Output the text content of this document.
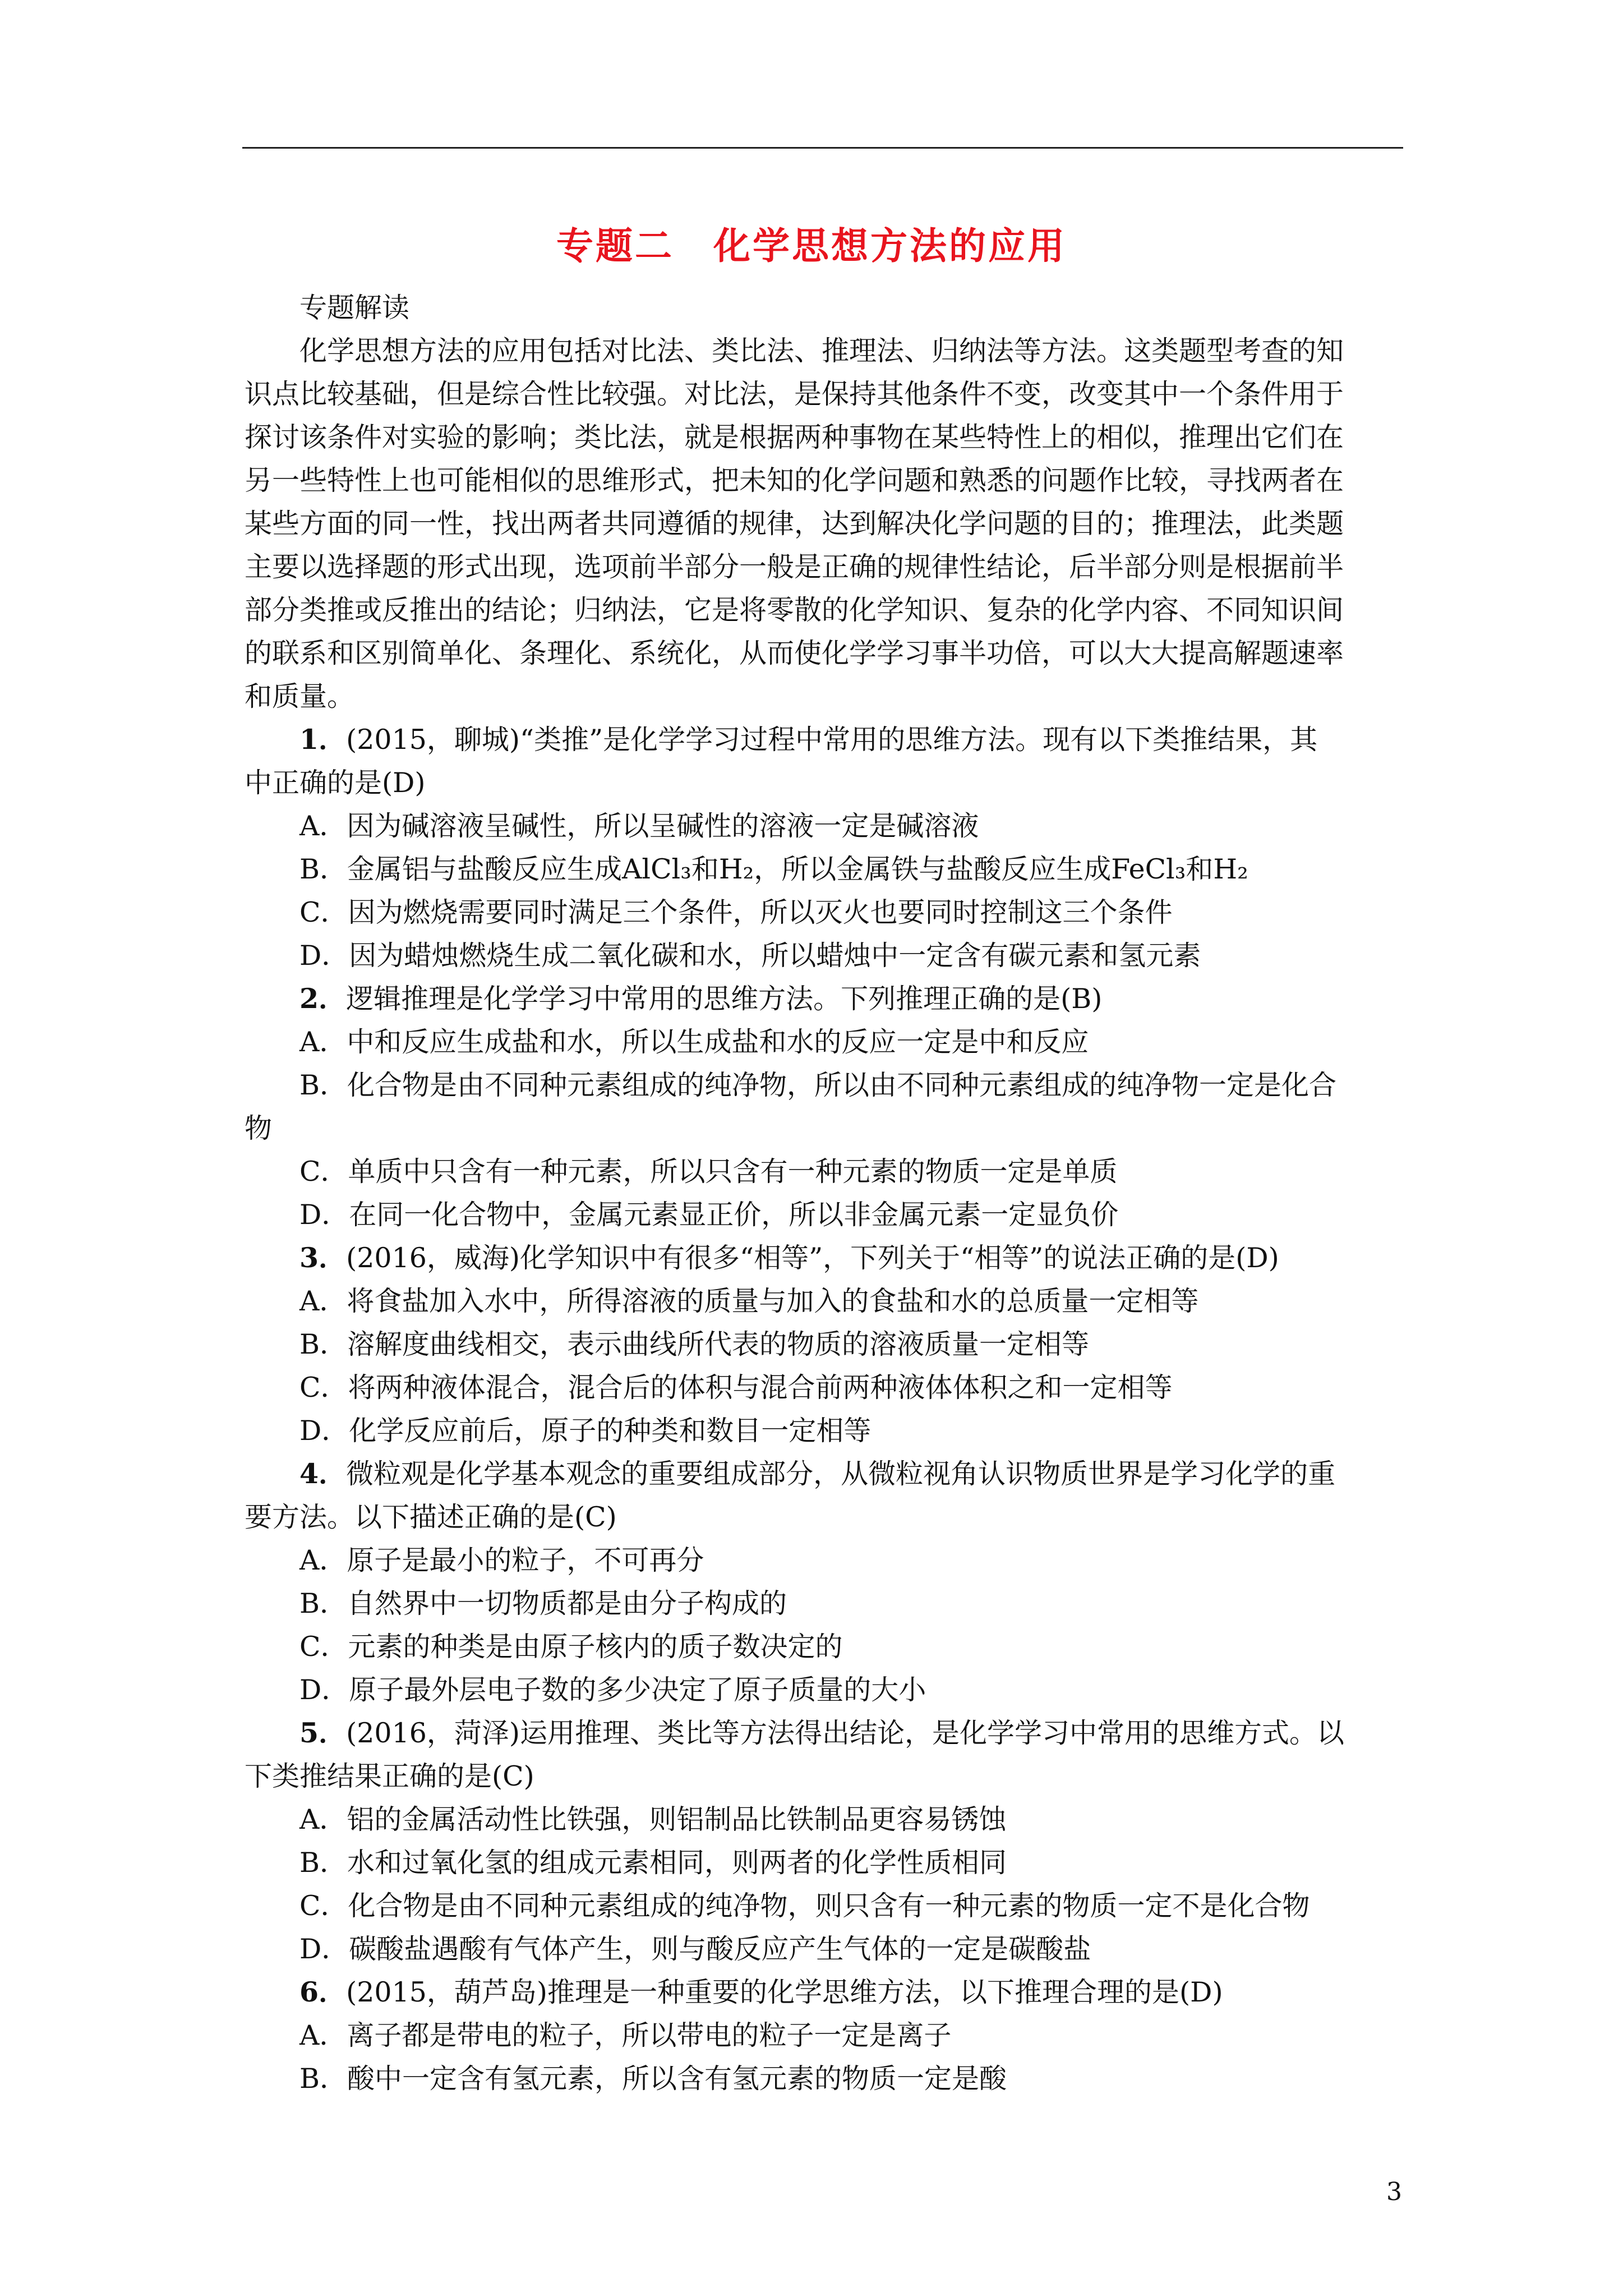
专题二　化学思想方法的应用

专题解读

化学思想方法的应用包括对比法、类比法、推理法、归纳法等方法。这类题型考查的知

识点比较基础，但是综合性比较强。对比法，是保持其他条件不变，改变其中一个条件用于

探讨该条件对实验的影响；类比法，就是根据两种事物在某些特性上的相似，推理出它们在

另一些特性上也可能相似的思维形式，把未知的化学问题和熟悉的问题作比较，寻找两者在

某些方面的同一性，找出两者共同遵循的规律，达到解决化学问题的目的；推理法，此类题

主要以选择题的形式出现，选项前半部分一般是正确的规律性结论，后半部分则是根据前半

部分类推或反推出的结论；归纳法，它是将零散的化学知识、复杂的化学内容、不同知识间

的联系和区别简单化、条理化、系统化，从而使化学学习事半功倍，可以大大提高解题速率

和质量。

1．(2015，聊城)“类推”是化学学习过程中常用的思维方法。现有以下类推结果，其

中正确的是(D)

A．因为碱溶液呈碱性，所以呈碱性的溶液一定是碱溶液

B．金属铝与盐酸反应生成AlCl₃和H₂，所以金属铁与盐酸反应生成FeCl₃和H₂

C．因为燃烧需要同时满足三个条件，所以灭火也要同时控制这三个条件

D．因为蜡烛燃烧生成二氧化碳和水，所以蜡烛中一定含有碳元素和氢元素

2．逻辑推理是化学学习中常用的思维方法。下列推理正确的是(B)

A．中和反应生成盐和水，所以生成盐和水的反应一定是中和反应

B．化合物是由不同种元素组成的纯净物，所以由不同种元素组成的纯净物一定是化合

物

C．单质中只含有一种元素，所以只含有一种元素的物质一定是单质

D．在同一化合物中，金属元素显正价，所以非金属元素一定显负价

3．(2016，威海)化学知识中有很多“相等”，下列关于“相等”的说法正确的是(D)

A．将食盐加入水中，所得溶液的质量与加入的食盐和水的总质量一定相等

B．溶解度曲线相交，表示曲线所代表的物质的溶液质量一定相等

C．将两种液体混合，混合后的体积与混合前两种液体体积之和一定相等

D．化学反应前后，原子的种类和数目一定相等

4．微粒观是化学基本观念的重要组成部分，从微粒视角认识物质世界是学习化学的重

要方法。以下描述正确的是(C)

A．原子是最小的粒子，不可再分

B．自然界中一切物质都是由分子构成的

C．元素的种类是由原子核内的质子数决定的

D．原子最外层电子数的多少决定了原子质量的大小

5．(2016，菏泽)运用推理、类比等方法得出结论，是化学学习中常用的思维方式。以

下类推结果正确的是(C)

A．铝的金属活动性比铁强，则铝制品比铁制品更容易锈蚀

B．水和过氧化氢的组成元素相同，则两者的化学性质相同

C．化合物是由不同种元素组成的纯净物，则只含有一种元素的物质一定不是化合物

D．碳酸盐遇酸有气体产生，则与酸反应产生气体的一定是碳酸盐

6．(2015，葫芦岛)推理是一种重要的化学思维方法，以下推理合理的是(D)

A．离子都是带电的粒子，所以带电的粒子一定是离子

B．酸中一定含有氢元素，所以含有氢元素的物质一定是酸

3
